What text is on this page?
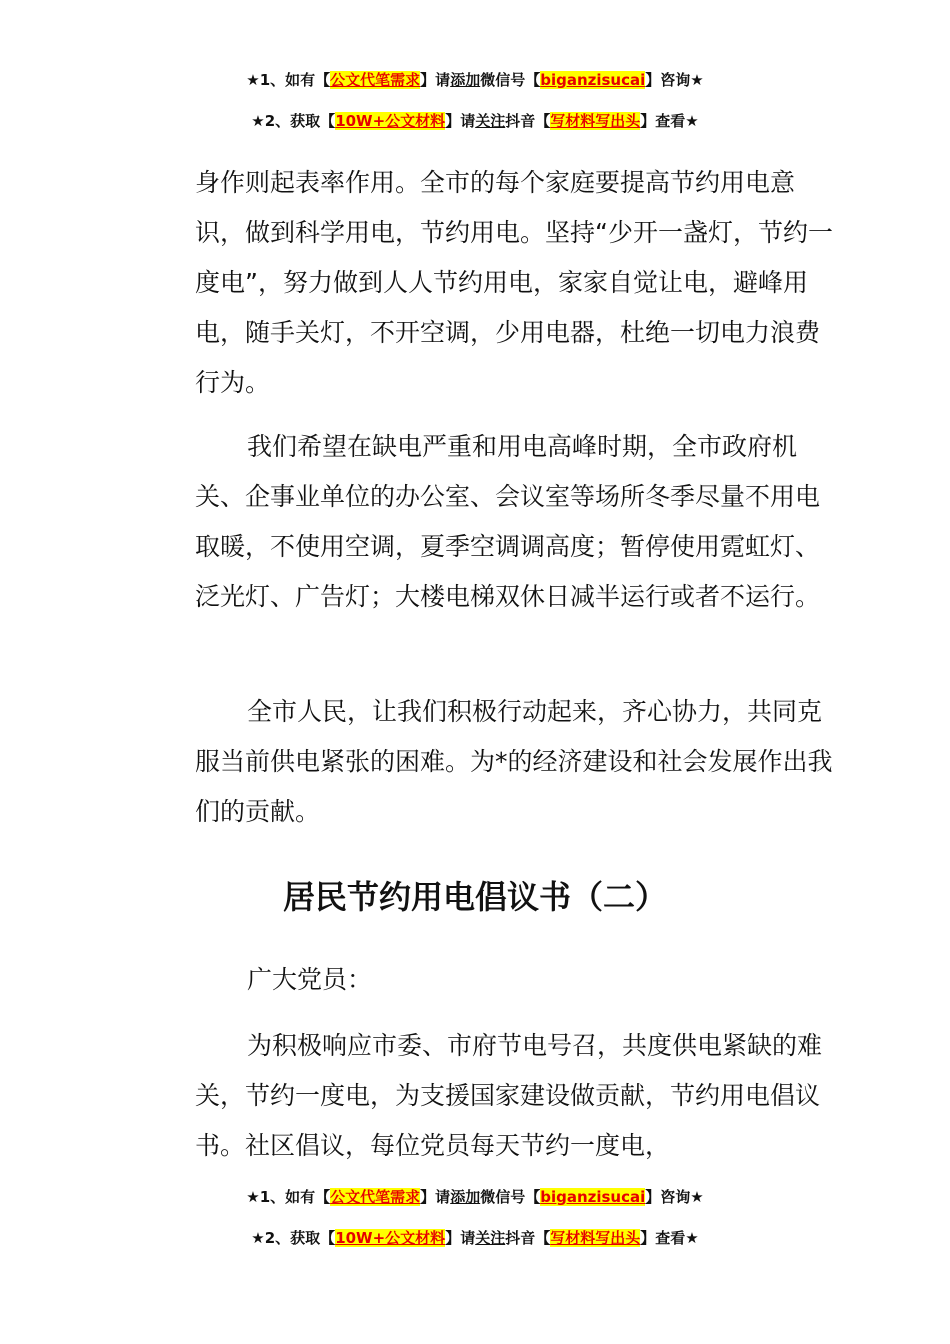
★1、如有【公文代笔需求】请添加微信号【biganzisucai】咨询★
★2、获取【10W+公文材料】请关注抖音【写材料写出头】查看★

身作则起表率作用。全市的每个家庭要提高节约用电意识，做到科学用电，节约用电。坚持“少开一盏灯，节约一度电”，努力做到人人节约用电，家家自觉让电，避峰用电，随手关灯，不开空调，少用电器，杜绝一切电力浪费行为。

我们希望在缺电严重和用电高峰时期，全市政府机关、企事业单位的办公室、会议室等场所冬季尽量不用电取暖，不使用空调，夏季空调调高度；暂停使用霓虹灯、泛光灯、广告灯；大楼电梯双休日减半运行或者不运行。

全市人民，让我们积极行动起来，齐心协力，共同克服当前供电紧张的困难。为*的经济建设和社会发展作出我们的贡献。

居民节约用电倡议书（二）

广大党员：

为积极响应市委、市府节电号召，共度供电紧缺的难关，节约一度电，为支援国家建设做贡献，节约用电倡议书。社区倡议，每位党员每天节约一度电，

★1、如有【公文代笔需求】请添加微信号【biganzisucai】咨询★
★2、获取【10W+公文材料】请关注抖音【写材料写出头】查看★
